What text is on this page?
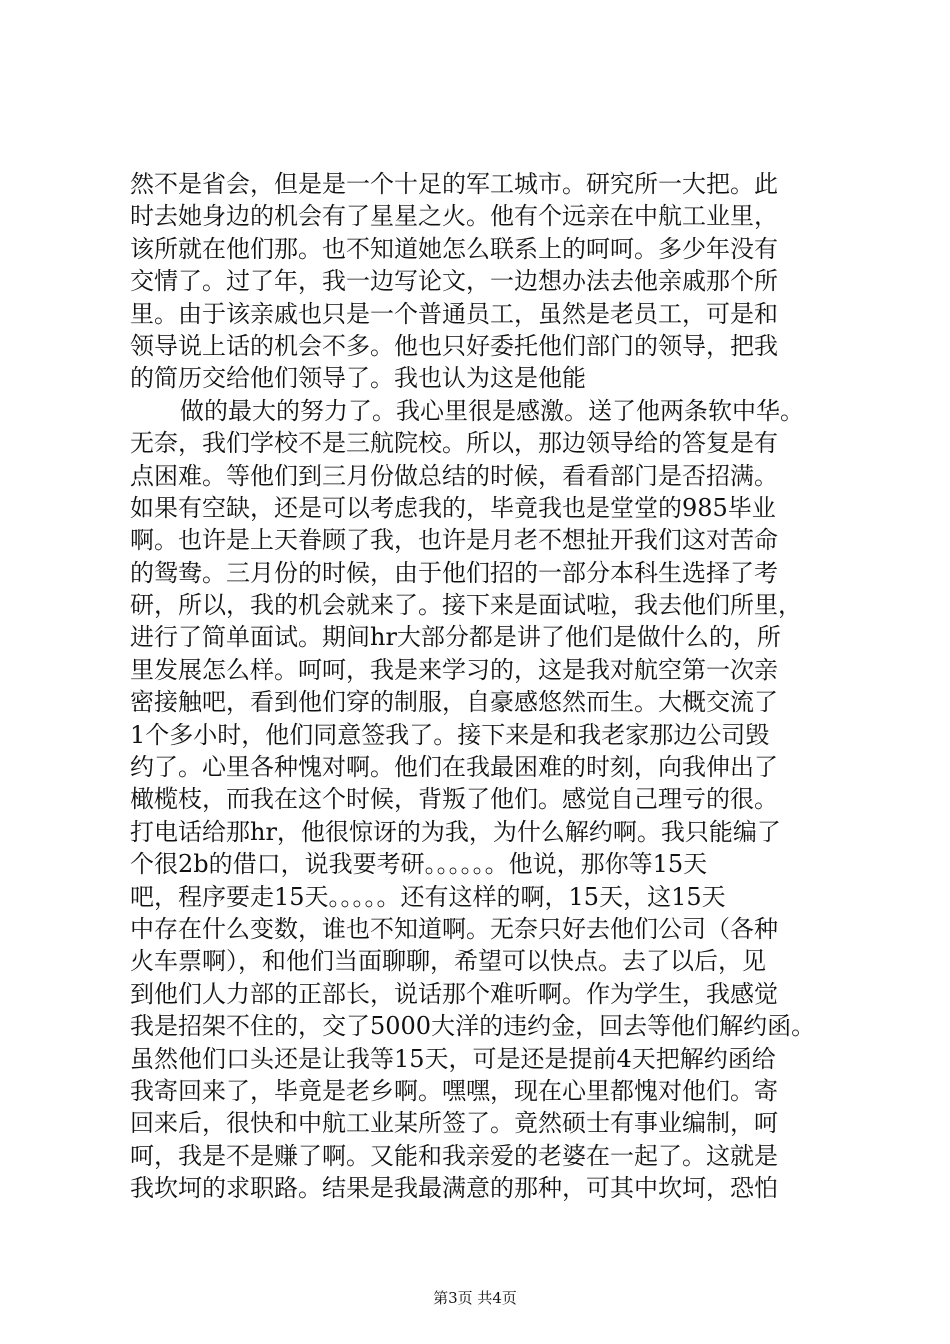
然不是省会，但是是一个十足的军工城市。研究所一大把。此
时去她身边的机会有了星星之火。他有个远亲在中航工业里，
该所就在他们那。也不知道她怎么联系上的呵呵。多少年没有
交情了。过了年，我一边写论文，一边想办法去他亲戚那个所
里。由于该亲戚也只是一个普通员工，虽然是老员工，可是和
领导说上话的机会不多。他也只好委托他们部门的领导，把我
的简历交给他们领导了。我也认为这是他能
做的最大的努力了。我心里很是感激。送了他两条软中华。
无奈，我们学校不是三航院校。所以，那边领导给的答复是有
点困难。等他们到三月份做总结的时候，看看部门是否招满。
如果有空缺，还是可以考虑我的，毕竟我也是堂堂的985毕业
啊。也许是上天眷顾了我，也许是月老不想扯开我们这对苦命
的鸳鸯。三月份的时候，由于他们招的一部分本科生选择了考
研，所以，我的机会就来了。接下来是面试啦，我去他们所里，
进行了简单面试。期间hr大部分都是讲了他们是做什么的，所
里发展怎么样。呵呵，我是来学习的，这是我对航空第一次亲
密接触吧，看到他们穿的制服，自豪感悠然而生。大概交流了
1个多小时，他们同意签我了。接下来是和我老家那边公司毁
约了。心里各种愧对啊。他们在我最困难的时刻，向我伸出了
橄榄枝，而我在这个时候，背叛了他们。感觉自己理亏的很。
打电话给那hr，他很惊讶的为我，为什么解约啊。我只能编了
个很2b的借口，说我要考研。。。。。。他说，那你等15天
吧，程序要走15天。。。。。还有这样的啊，15天，这15天
中存在什么变数，谁也不知道啊。无奈只好去他们公司（各种
火车票啊），和他们当面聊聊，希望可以快点。去了以后，见
到他们人力部的正部长，说话那个难听啊。作为学生，我感觉
我是招架不住的，交了5000大洋的违约金，回去等他们解约函。
虽然他们口头还是让我等15天，可是还是提前4天把解约函给
我寄回来了，毕竟是老乡啊。嘿嘿，现在心里都愧对他们。寄
回来后，很快和中航工业某所签了。竟然硕士有事业编制，呵
呵，我是不是赚了啊。又能和我亲爱的老婆在一起了。这就是
我坎坷的求职路。结果是我最满意的那种，可其中坎坷，恐怕
第3页 共4页
